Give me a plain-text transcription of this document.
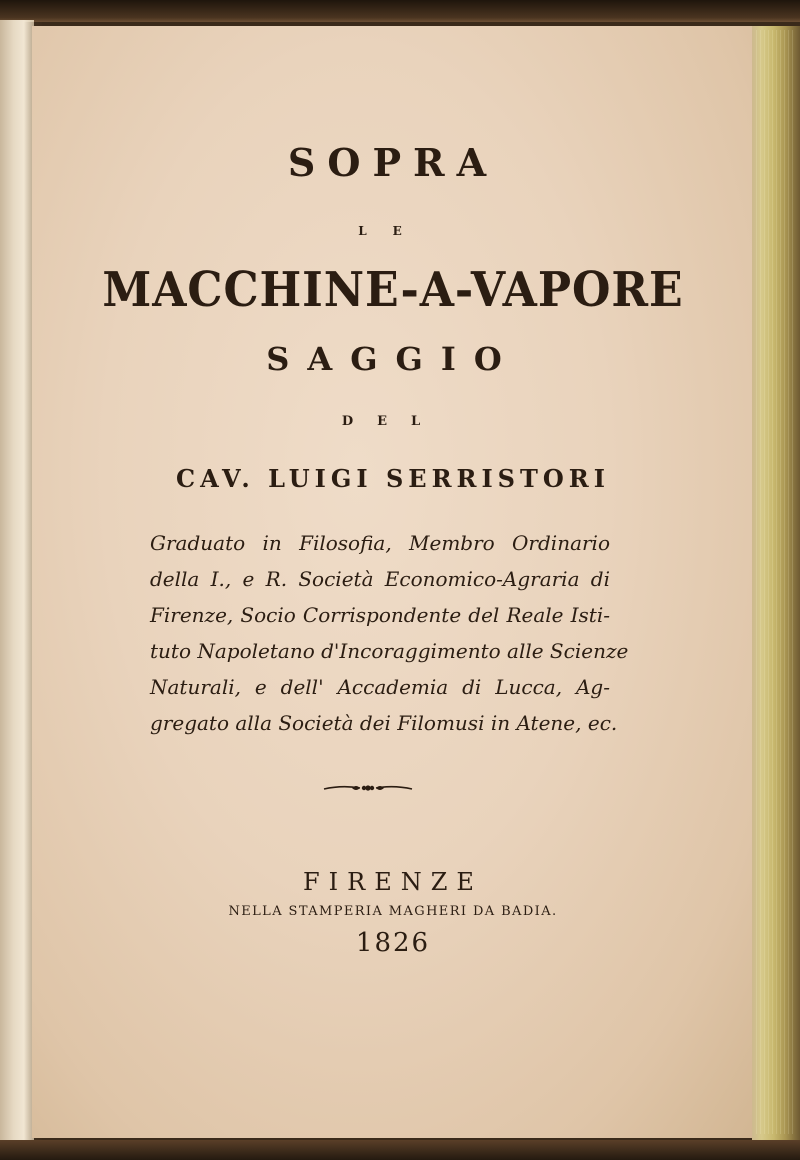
SOPRA
LE
MACCHINE-A-VAPORE
SAGGIO
DEL
CAV. LUIGI SERRISTORI
Graduato in Filosofia, Membro Ordinario
della I., e R. Società Economico-Agraria di
Firenze, Socio Corrispondente del Reale Isti-
tuto Napoletano d'Incoraggimento alle Scienze
Naturali, e dell' Accademia di Lucca, Ag-
gregato alla Società dei Filomusi in Atene, ec.
FIRENZE
NELLA STAMPERIA MAGHERI DA BADIA.
1826
